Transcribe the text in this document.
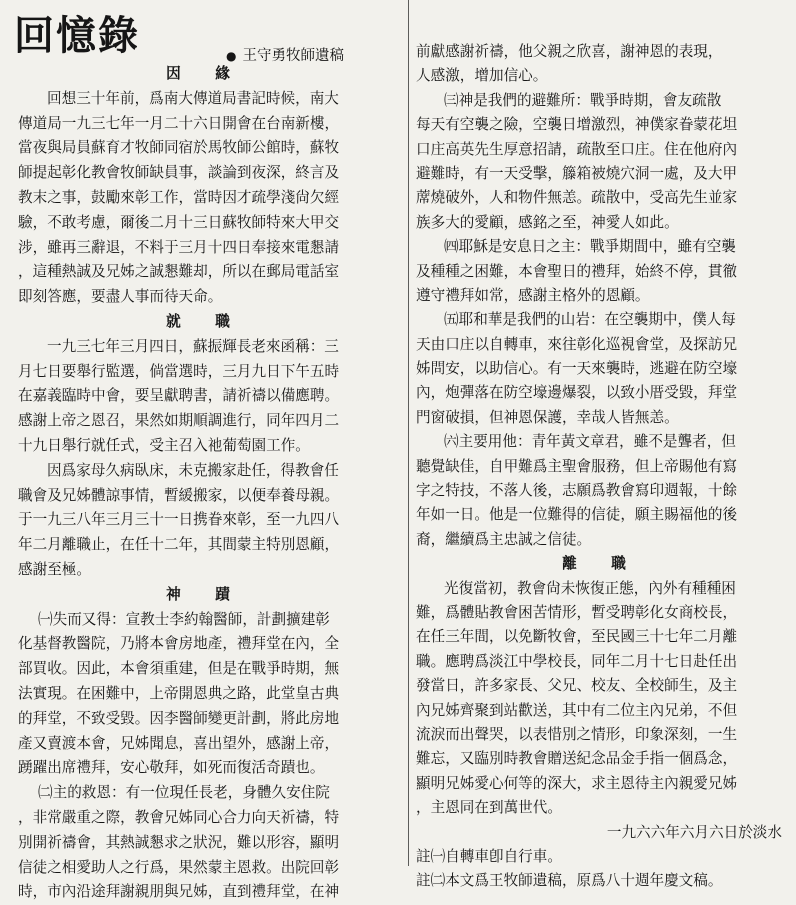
回憶錄	● 王守勇牧師遺稿
因　緣
回想三十年前，爲南大傳道局書記時候，南大
傳道局一九三七年一月二十六日開會在台南新樓，
當夜與局員蘇育才牧師同宿於馬牧師公館時，蘇牧
師提起彰化教會牧師缺員事，談論到夜深，終言及
教末之事，鼓勵來彰工作，當時因才疏學淺尙欠經
驗，不敢考慮，爾後二月十三日蘇牧師特來大甲交
涉，雖再三辭退，不料于三月十四日奉接來電懇請
，這種熱誠及兄姊之誠懇難却，所以在郵局電話室
即刻答應，要盡人事而待天命。
就　職
一九三七年三月四日，蘇振輝長老來函稱：三
月七日要舉行監選，倘當選時，三月九日下午五時
在嘉義臨時中會，要呈獻聘書，請祈禱以備應聘。
感謝上帝之恩召，果然如期順調進行，同年四月二
十九日舉行就任式，受主召入祂葡萄園工作。
因爲家母久病臥床，未克搬家赴任，得教會任
職會及兄姊體諒事情，暫緩搬家，以便奉養母親。
于一九三八年三月三十一日携眷來彰，至一九四八
年二月離職止，在任十二年，其間蒙主特別恩顧，
感謝至極。
神　蹟
㈠失而又得：宣教士李約翰醫師，計劃擴建彰
化基督教醫院，乃將本會房地產，禮拜堂在內，全
部買收。因此，本會須重建，但是在戰爭時期，無
法實現。在困難中，上帝開恩典之路，此堂皇古典
的拜堂，不致受毀。因李醫師變更計劃，將此房地
產又賣渡本會，兄姊聞息，喜出望外，感謝上帝，
踴躍出席禮拜，安心敬拜，如死而復活奇蹟也。
㈡主的救恩：有一位現任長老，身體久安住院
，非常嚴重之際，教會兄姊同心合力向天祈禱，特
別開祈禱會，其熱誠懇求之狀況，難以形容，顯明
信徒之相愛助人之行爲，果然蒙主恩救。出院回彰
時，市內沿途拜謝親朋與兄姊，直到禮拜堂，在神
前獻感謝祈禱，他父親之欣喜，謝神恩的表現，
人感激，增加信心。
㈢神是我們的避難所：戰爭時期，會友疏散
每天有空襲之險，空襲日增激烈，神僕家眷蒙花坦
口庄高英先生厚意招請，疏散至口庄。住在他府內
避難時，有一天受擊，籐箱被燒穴洞一處，及大甲
蓆燒破外，人和物件無恙。疏散中，受高先生並家
族多大的愛顧，感銘之至，神愛人如此。
㈣耶穌是安息日之主：戰爭期間中，雖有空襲
及種種之困難，本會聖日的禮拜，始終不停，貫徹
遵守禮拜如常，感謝主格外的恩顧。
㈤耶和華是我們的山岩：在空襲期中，僕人每
天由口庄以自轉車，來往彰化巡視會堂，及探訪兄
姊問安，以助信心。有一天來襲時，逃避在防空壕
內，炮彈落在防空壕邊爆裂，以致小厝受毀，拜堂
門窗破損，但神恩保護，幸哉人皆無恙。
㈥主要用他：青年黃文章君，雖不是聾者，但
聽覺缺佳，自甲難爲主聖會服務，但上帝賜他有寫
字之特技，不落人後，志願爲教會寫印週報，十餘
年如一日。他是一位難得的信徒，願主賜福他的後
裔，繼續爲主忠誠之信徒。
離　職
光復當初，教會尙未恢復正態，內外有種種困
難，爲體貼教會困苦情形，暫受聘彰化女商校長，
在任三年間，以免斷牧會，至民國三十七年二月離
職。應聘爲淡江中學校長，同年二月十七日赴任出
發當日，許多家長、父兄、校友、全校師生，及主
內兄姊齊聚到站歡送，其中有二位主內兄弟，不但
流淚而出聲哭，以表惜別之情形，印象深刻，一生
難忘，又臨別時教會贈送紀念品金手指一個爲念，
顯明兄姊愛心何等的深大，求主恩待主內親愛兄姊
，主恩同在到萬世代。
一九六六年六月六日於淡水
註㈠自轉車卽自行車。
註㈡本文爲王牧師遺稿，原爲八十週年慶文稿。
